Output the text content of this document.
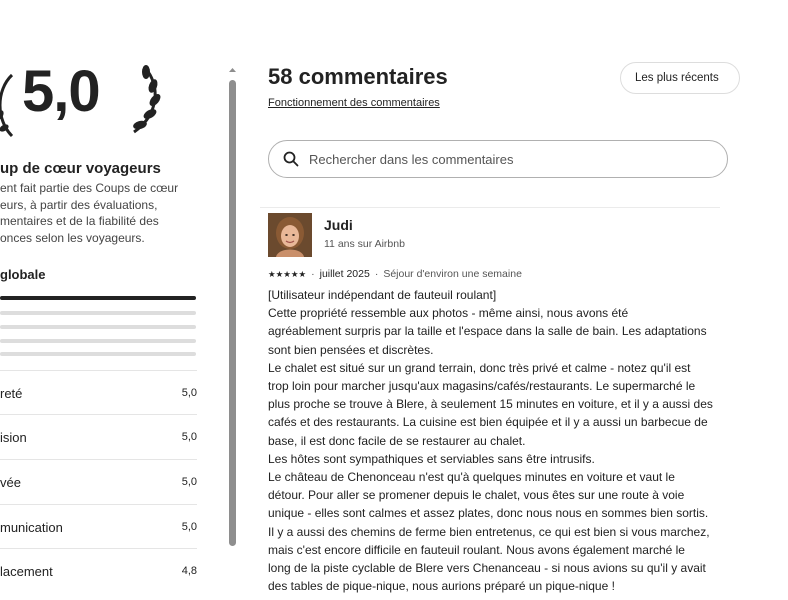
5,0
up de cœur voyageurs
ent fait partie des Coups de cœur
eurs, à partir des évaluations,
mentaires et de la fiabilité des
onces selon les voyageurs.
globale
reté	5,0
ision	5,0
vée	5,0
munication	5,0
lacement	4,8
58 commentaires
Fonctionnement des commentaires
Les plus récents
Rechercher dans les commentaires
Judi
11 ans sur Airbnb
★★★★★ · juillet 2025 · Séjour d'environ une semaine
[Utilisateur indépendant de fauteuil roulant]
Cette propriété ressemble aux photos - même ainsi, nous avons été
agréablement surpris par la taille et l'espace dans la salle de bain. Les adaptations
sont bien pensées et discrètes.
Le chalet est situé sur un grand terrain, donc très privé et calme - notez qu'il est
trop loin pour marcher jusqu'aux magasins/cafés/restaurants. Le supermarché le
plus proche se trouve à Blere, à seulement 15 minutes en voiture, et il y a aussi des
cafés et des restaurants. La cuisine est bien équipée et il y a aussi un barbecue de
base, il est donc facile de se restaurer au chalet.
Les hôtes sont sympathiques et serviables sans être intrusifs.
Le château de Chenonceau n'est qu'à quelques minutes en voiture et vaut le
détour. Pour aller se promener depuis le chalet, vous êtes sur une route à voie
unique - elles sont calmes et assez plates, donc nous nous en sommes bien sortis.
Il y a aussi des chemins de ferme bien entretenus, ce qui est bien si vous marchez,
mais c'est encore difficile en fauteuil roulant. Nous avons également marché le
long de la piste cyclable de Blere vers Chenanceau - si nous avions su qu'il y avait
des tables de pique-nique, nous aurions préparé un pique-nique !
